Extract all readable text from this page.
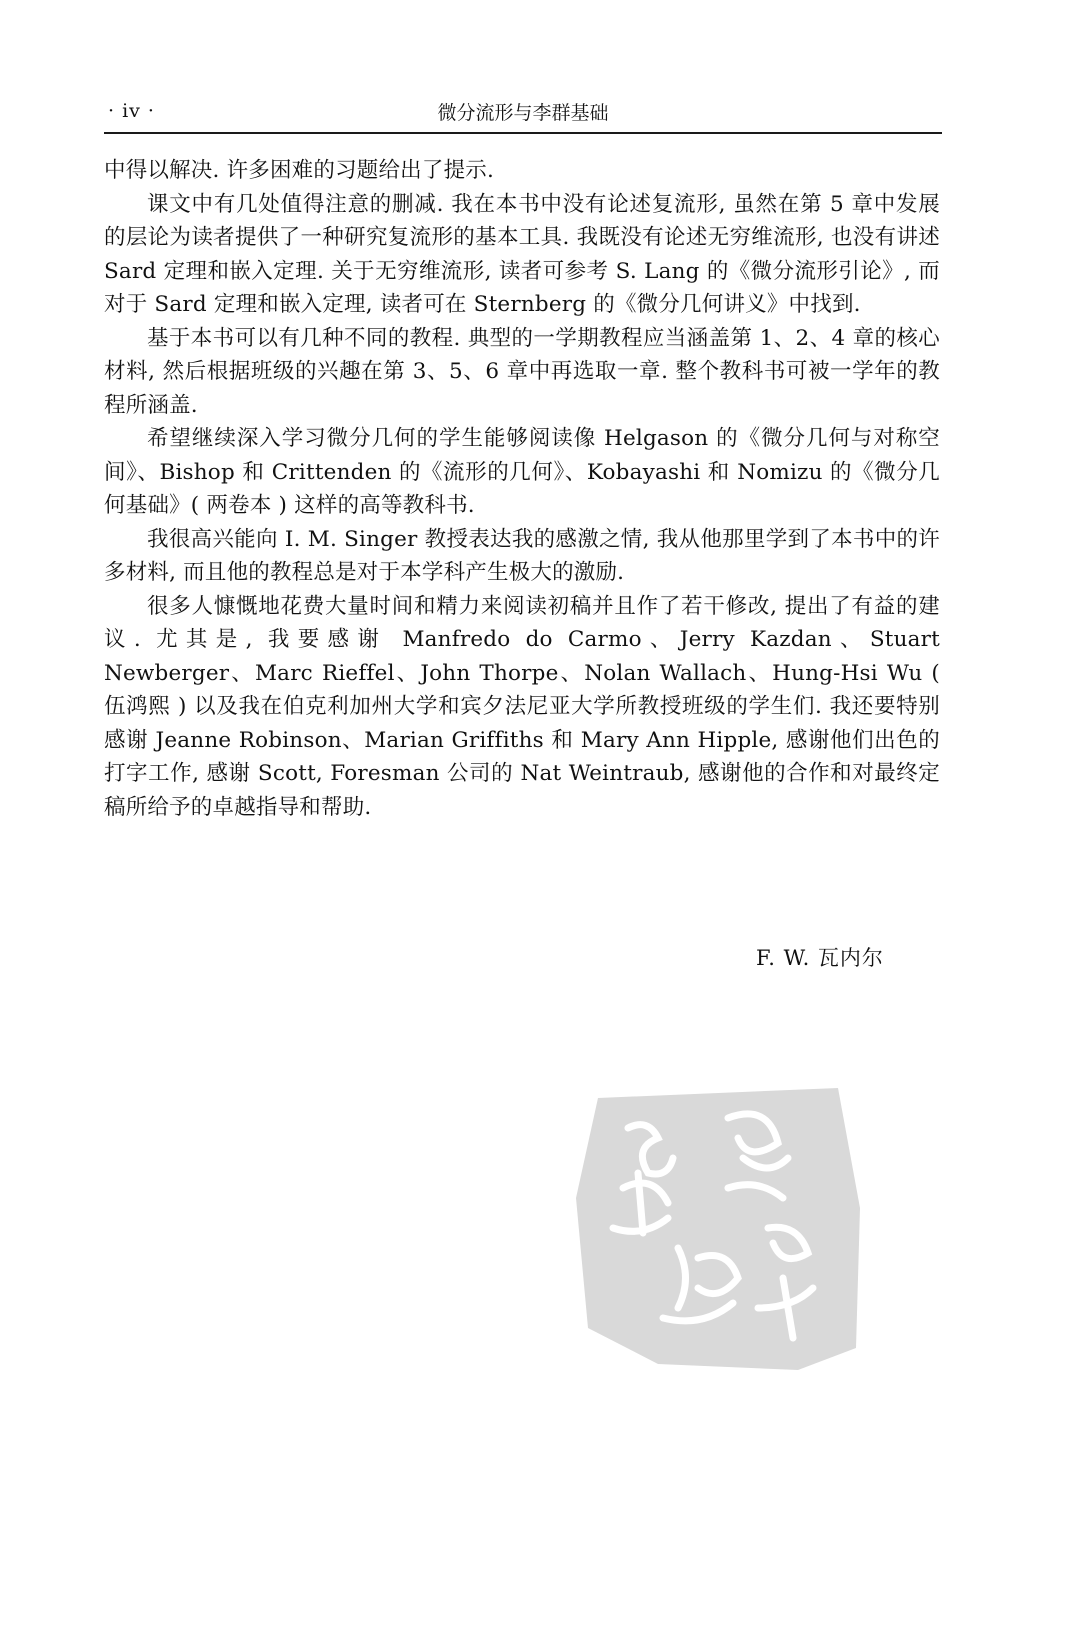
· iv ·	微分流形与李群基础

中得以解决. 许多困难的习题给出了提示.

课文中有几处值得注意的删减. 我在本书中没有论述复流形, 虽然在第 5 章中发展的层论为读者提供了一种研究复流形的基本工具. 我既没有论述无穷维流形, 也没有讲述 Sard 定理和嵌入定理. 关于无穷维流形, 读者可参考 S. Lang 的《微分流形引论》, 而对于 Sard 定理和嵌入定理, 读者可在 Sternberg 的《微分几何讲义》中找到.

基于本书可以有几种不同的教程. 典型的一学期教程应当涵盖第 1、2、4 章的核心材料, 然后根据班级的兴趣在第 3、5、6 章中再选取一章. 整个教科书可被一学年的教程所涵盖.

希望继续深入学习微分几何的学生能够阅读像 Helgason 的《微分几何与对称空间》、Bishop 和 Crittenden 的《流形的几何》、Kobayashi 和 Nomizu 的《微分几何基础》( 两卷本 ) 这样的高等教科书.

我很高兴能向 I. M. Singer 教授表达我的感激之情, 我从他那里学到了本书中的许多材料, 而且他的教程总是对于本学科产生极大的激励.

很多人慷慨地花费大量时间和精力来阅读初稿并且作了若干修改, 提出了有益的建议. 尤其是, 我要感谢 Manfredo do Carmo、Jerry Kazdan、Stuart Newberger、Marc Rieffel、John Thorpe、Nolan Wallach、Hung-Hsi Wu ( 伍鸿熙 ) 以及我在伯克利加州大学和宾夕法尼亚大学所教授班级的学生们. 我还要特别感谢 Jeanne Robinson、Marian Griffiths 和 Mary Ann Hipple, 感谢他们出色的打字工作, 感谢 Scott, Foresman 公司的 Nat Weintraub, 感谢他的合作和对最终定稿所给予的卓越指导和帮助.

F. W. 瓦内尔
